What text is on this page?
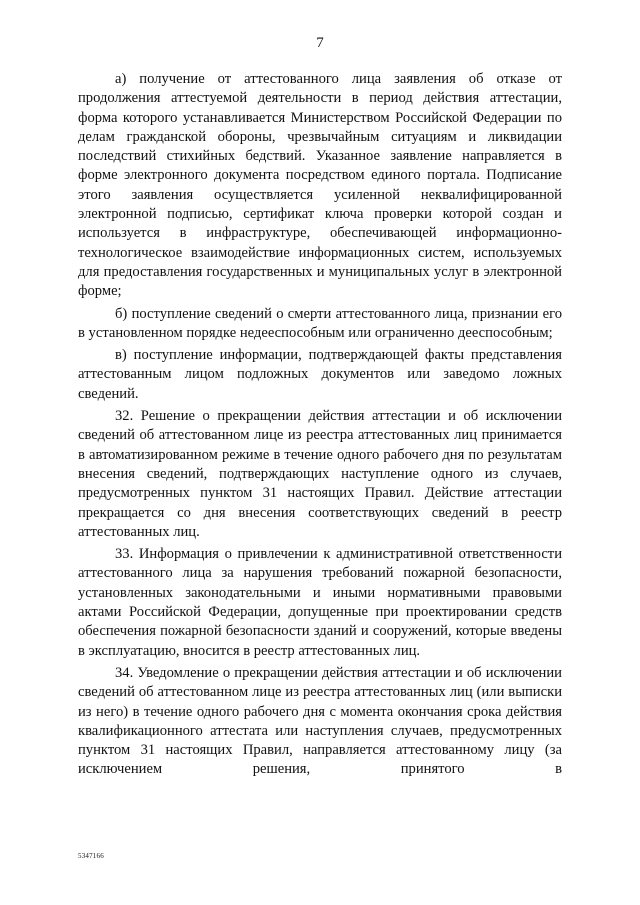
7

а) получение от аттестованного лица заявления об отказе от продолжения аттестуемой деятельности в период действия аттестации, форма которого устанавливается Министерством Российской Федерации по делам гражданской обороны, чрезвычайным ситуациям и ликвидации последствий стихийных бедствий. Указанное заявление направляется в форме электронного документа посредством единого портала. Подписание этого заявления осуществляется усиленной неквалифицированной электронной подписью, сертификат ключа проверки которой создан и используется в инфраструктуре, обеспечивающей информационно-технологическое взаимодействие информационных систем, используемых для предоставления государственных и муниципальных услуг в электронной форме;

б) поступление сведений о смерти аттестованного лица, признании его в установленном порядке недееспособным или ограниченно дееспособным;

в) поступление информации, подтверждающей факты представления аттестованным лицом подложных документов или заведомо ложных сведений.

32. Решение о прекращении действия аттестации и об исключении сведений об аттестованном лице из реестра аттестованных лиц принимается в автоматизированном режиме в течение одного рабочего дня по результатам внесения сведений, подтверждающих наступление одного из случаев, предусмотренных пунктом 31 настоящих Правил. Действие аттестации прекращается со дня внесения соответствующих сведений в реестр аттестованных лиц.

33. Информация о привлечении к административной ответственности аттестованного лица за нарушения требований пожарной безопасности, установленных законодательными и иными нормативными правовыми актами Российской Федерации, допущенные при проектировании средств обеспечения пожарной безопасности зданий и сооружений, которые введены в эксплуатацию, вносится в реестр аттестованных лиц.

34. Уведомление о прекращении действия аттестации и об исключении сведений об аттестованном лице из реестра аттестованных лиц (или выписки из него) в течение одного рабочего дня с момента окончания срока действия квалификационного аттестата или наступления случаев, предусмотренных пунктом 31 настоящих Правил, направляется аттестованному лицу (за исключением решения, принятого в

5347166
